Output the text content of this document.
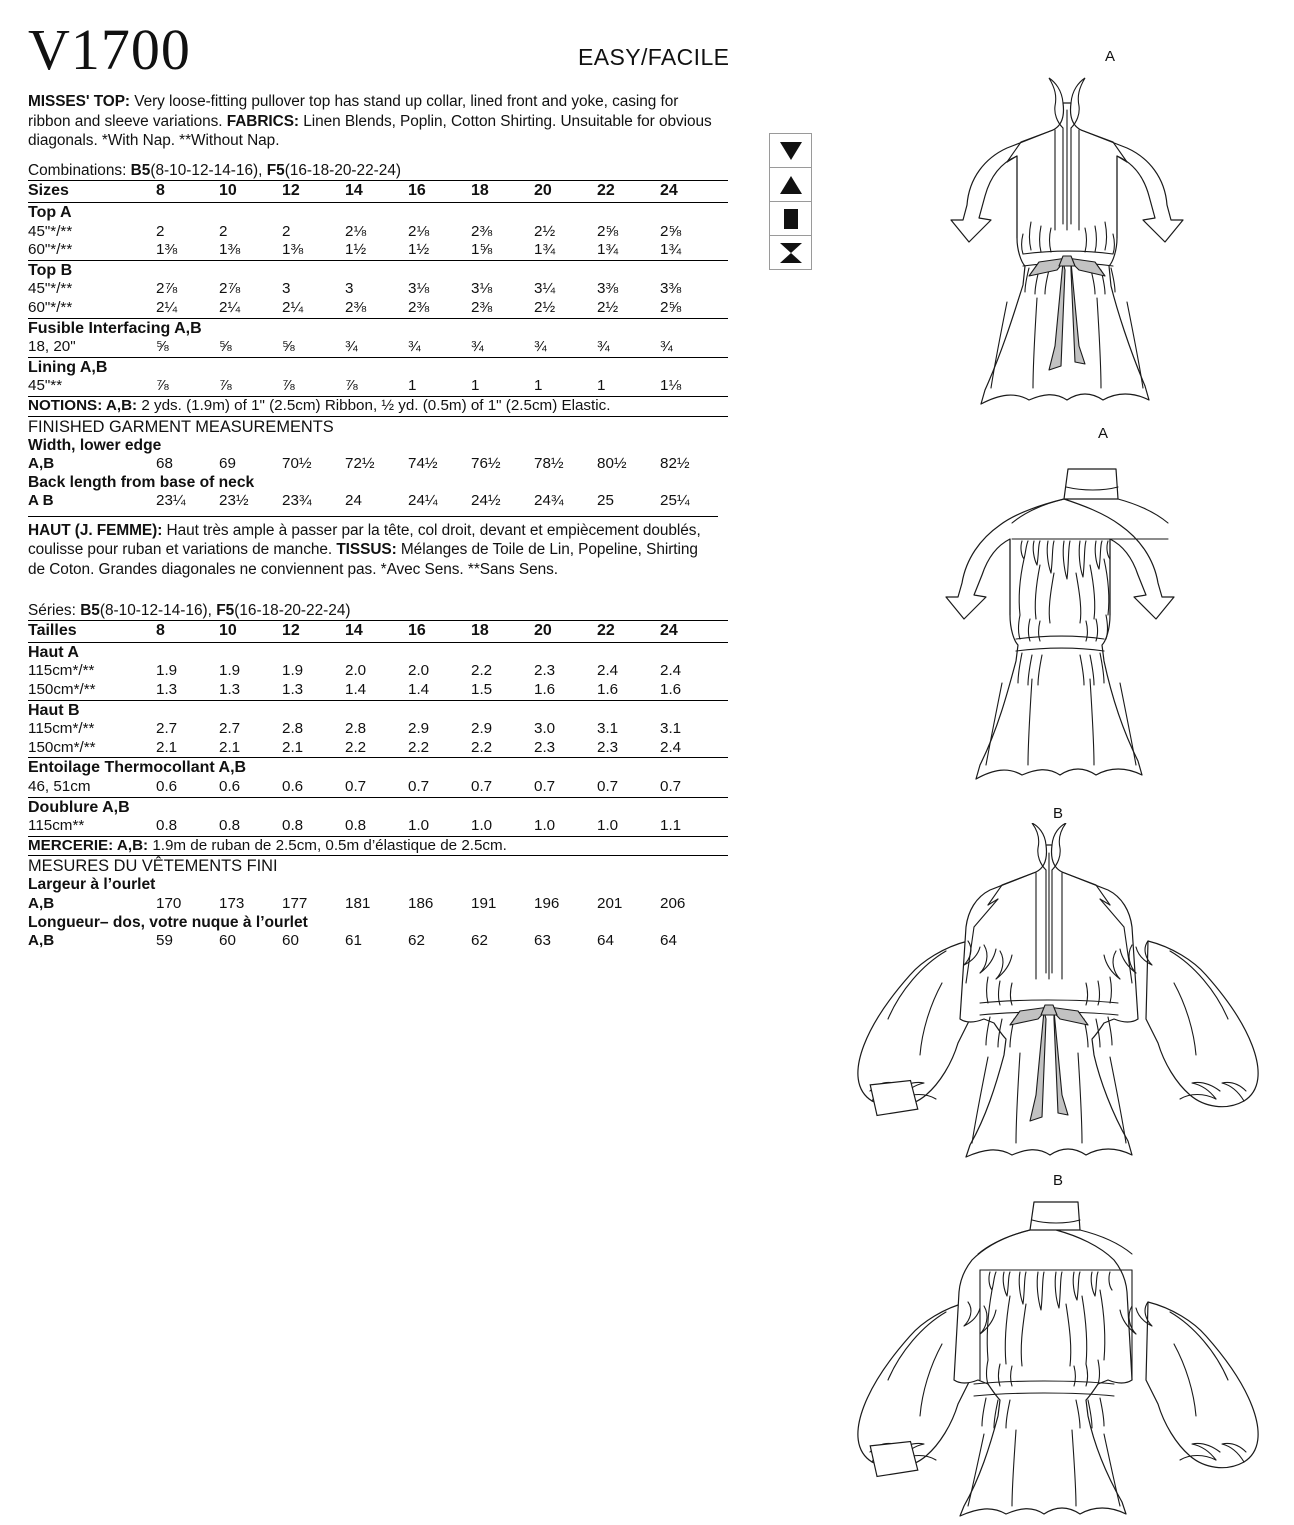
V1700
MISSES' TOP: Very loose-fitting pullover top has stand up collar, lined front and yoke, casing for ribbon and sleeve variations. FABRICS: Linen Blends, Poplin, Cotton Shirting. Unsuitable for obvious diagonals. *With Nap. **Without Nap.
Combinations: B5(8-10-12-14-16), F5(16-18-20-22-24)										
Sizes	8	10	12	14	16	18	20	22	24	
Top A										
45"*/**	2	2	2	2⅛	2⅛	2⅜	2½	2⅝	2⅝	
60"*/**	1⅜	1⅜	1⅜	1½	1½	1⅝	1¾	1¾	1¾	
Top B										
45"*/**	2⅞	2⅞	3	3	3⅛	3⅛	3¼	3⅜	3⅜	
60"*/**	2¼	2¼	2¼	2⅜	2⅜	2⅜	2½	2½	2⅝	
Fusible Interfacing A,B										
18, 20"	⅝	⅝	⅝	¾	¾	¾	¾	¾	¾	
Lining A,B										
45"**	⅞	⅞	⅞	⅞	1	1	1	1	1⅛	
NOTIONS: A,B: 2 yds. (1.9m) of 1" (2.5cm) Ribbon, ½ yd. (0.5m) of 1" (2.5cm) Elastic.										
FINISHED GARMENT MEASUREMENTS										
Width, lower edge										
A,B	68	69	70½	72½	74½	76½	78½	80½	82½	
Back length from base of neck										
A B	23¼	23½	23¾	24	24¼	24½	24¾	25	25¼	
HAUT (J. FEMME): Haut très ample à passer par la tête, col droit, devant et empiècement doublés, coulisse pour ruban et variations de manche. TISSUS: Mélanges de Toile de Lin, Popeline, Shirting de Coton. Grandes diagonales ne conviennent pas. *Avec Sens. **Sans Sens.
Séries: B5(8-10-12-14-16), F5(16-18-20-22-24)										
Tailles	8	10	12	14	16	18	20	22	24	
Haut A										
115cm*/**	1.9	1.9	1.9	2.0	2.0	2.2	2.3	2.4	2.4	
150cm*/**	1.3	1.3	1.3	1.4	1.4	1.5	1.6	1.6	1.6	
Haut B										
115cm*/**	2.7	2.7	2.8	2.8	2.9	2.9	3.0	3.1	3.1	
150cm*/**	2.1	2.1	2.1	2.2	2.2	2.2	2.3	2.3	2.4	
Entoilage Thermocollant A,B										
46, 51cm	0.6	0.6	0.6	0.7	0.7	0.7	0.7	0.7	0.7	
Doublure A,B										
115cm**	0.8	0.8	0.8	0.8	1.0	1.0	1.0	1.0	1.1	
MERCERIE: A,B: 1.9m de ruban de 2.5cm, 0.5m d’élastique de 2.5cm.										
MESURES DU VÊTEMENTS FINI										
Largeur à l’ourlet										
A,B	170	173	177	181	186	191	196	201	206	
Longueur– dos, votre nuque à l’ourlet										
A,B	59	60	60	61	62	62	63	64	64	
EASY/FACILE	A
A
B
B
